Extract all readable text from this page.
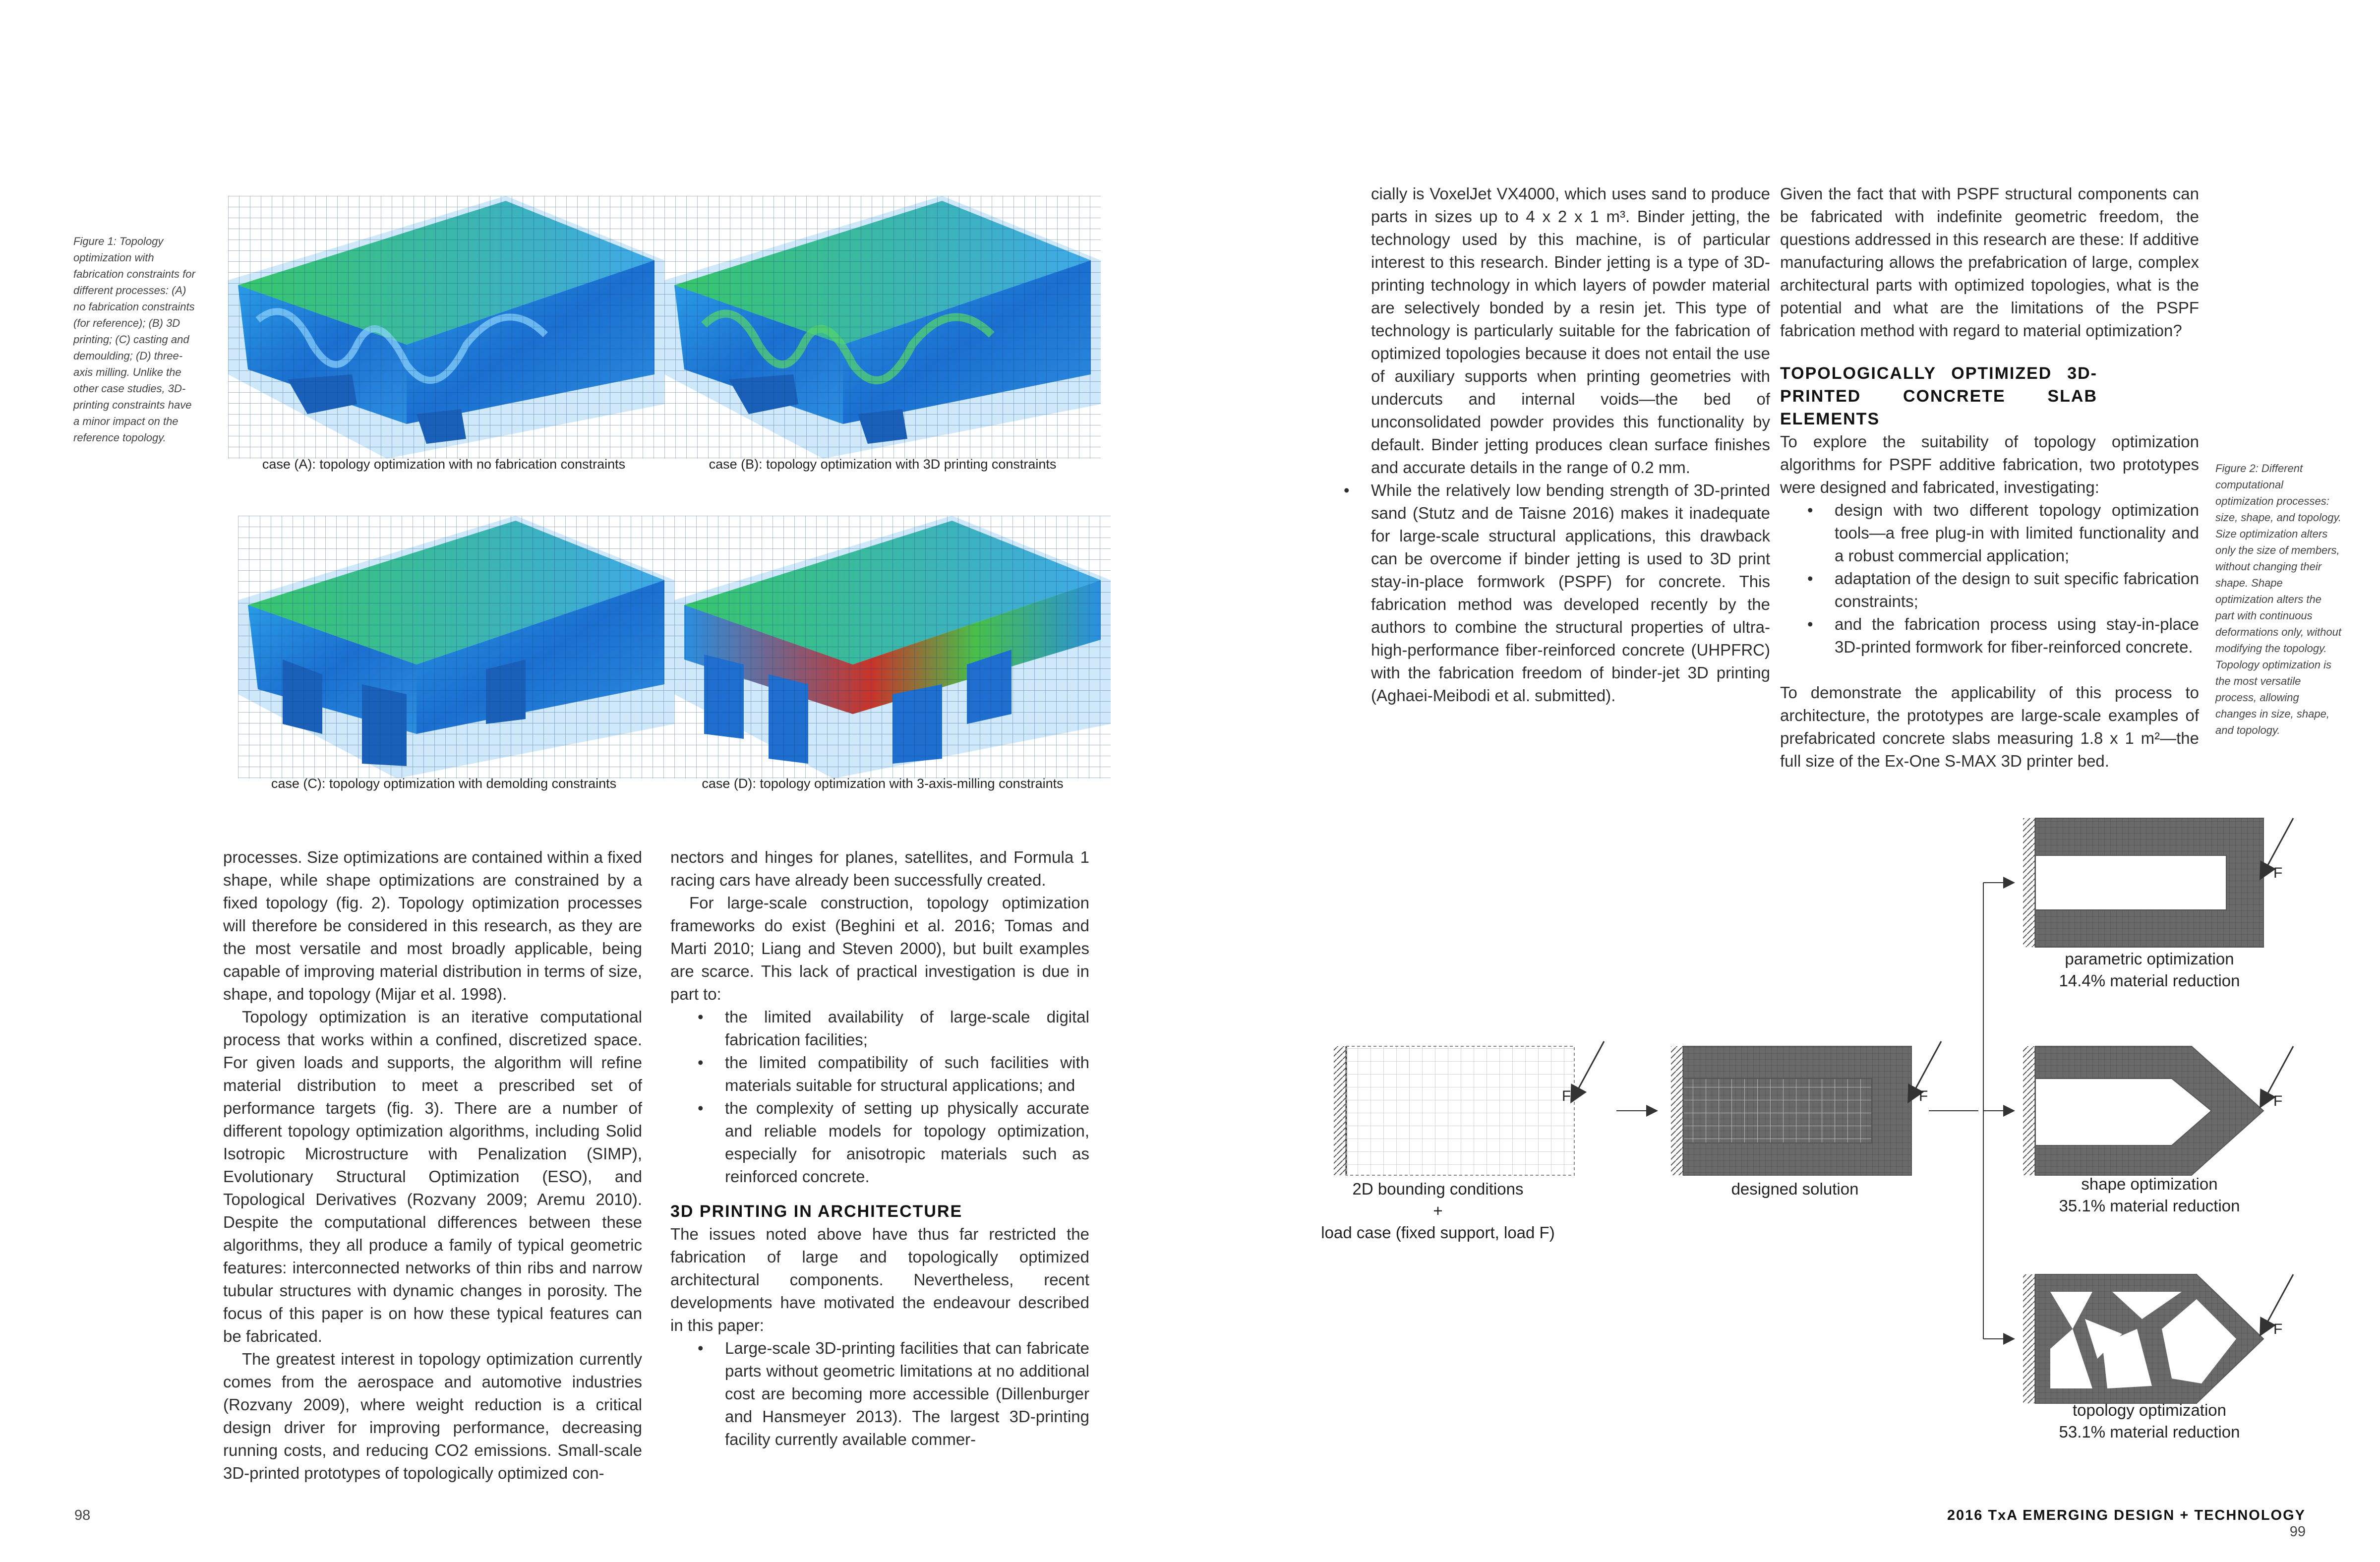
Figure 1: Topology optimization with fabrication constraints for different processes: (A) no fabrication constraints (for reference); (B) 3D printing; (C) casting and demoulding; (D) three-axis milling. Unlike the other case studies, 3D-printing constraints have a minor impact on the reference topology.
case (A): topology optimization with no fabrication constraints	case (B): topology optimization with 3D printing constraints
case (C): topology optimization with demolding constraints	case (D): topology optimization with 3-axis-milling constraints

processes. Size optimizations are contained within a fixed shape, while shape optimizations are constrained by a fixed topology (fig. 2). Topology optimization processes will therefore be considered in this research, as they are the most versatile and most broadly applicable, being capable of improving material distribution in terms of size, shape, and topology (Mijar et al. 1998).

Topology optimization is an iterative computational process that works within a confined, discretized space. For given loads and supports, the algorithm will refine material distribution to meet a prescribed set of performance targets (fig. 3). There are a number of different topology optimization algorithms, including Solid Isotropic Microstructure with Penalization (SIMP), Evolutionary Structural Optimization (ESO), and Topological Derivatives (Rozvany 2009; Aremu 2010). Despite the computational differences between these algorithms, they all produce a family of typical geometric features: interconnected networks of thin ribs and narrow tubular structures with dynamic changes in porosity. The focus of this paper is on how these typical features can be fabricated.

The greatest interest in topology optimization currently comes from the aerospace and automotive industries (Rozvany 2009), where weight reduction is a critical design driver for improving performance, decreasing running costs, and reducing CO2 emissions. Small-scale 3D-printed prototypes of topologically optimized con-

nectors and hinges for planes, satellites, and Formula 1 racing cars have already been successfully created.

For large-scale construction, topology optimization frameworks do exist (Beghini et al. 2016; Tomas and Marti 2010; Liang and Steven 2000), but built examples are scarce. This lack of practical investigation is due in part to:

• the limited availability of large-scale digital fabrication facilities;
• the limited compatibility of such facilities with materials suitable for structural applications; and
• the complexity of setting up physically accurate and reliable models for topology optimization, especially for anisotropic materials such as reinforced concrete.

3D PRINTING IN ARCHITECTURE

The issues noted above have thus far restricted the fabrication of large and topologically optimized architectural components. Nevertheless, recent developments have motivated the endeavour described in this paper:

• Large-scale 3D-printing facilities that can fabricate parts without geometric limitations at no additional cost are becoming more accessible (Dillenburger and Hansmeyer 2013). The largest 3D-printing facility currently available commer-
98

cially is VoxelJet VX4000, which uses sand to produce parts in sizes up to 4 x 2 x 1 m³. Binder jetting, the technology used by this machine, is of particular interest to this research. Binder jetting is a type of 3D-printing technology in which layers of powder material are selectively bonded by a resin jet. This type of technology is particularly suitable for the fabrication of optimized topologies because it does not entail the use of auxiliary supports when printing geometries with undercuts and internal voids—the bed of unconsolidated powder provides this functionality by default. Binder jetting produces clean surface finishes and accurate details in the range of 0.2 mm.

• While the relatively low bending strength of 3D-printed sand (Stutz and de Taisne 2016) makes it inadequate for large-scale structural applications, this drawback can be overcome if binder jetting is used to 3D print stay-in-place formwork (PSPF) for concrete. This fabrication method was developed recently by the authors to combine the structural properties of ultra-high-performance fiber-reinforced concrete (UHPFRC) with the fabrication freedom of binder-jet 3D printing (Aghaei-Meibodi et al. submitted).

Given the fact that with PSPF structural components can be fabricated with indefinite geometric freedom, the questions addressed in this research are these: If additive manufacturing allows the prefabrication of large, complex architectural parts with optimized topologies, what is the potential and what are the limitations of the PSPF fabrication method with regard to material optimization?

TOPOLOGICALLY OPTIMIZED 3D-PRINTED CONCRETE SLAB ELEMENTS

To explore the suitability of topology optimization algorithms for PSPF additive fabrication, two prototypes were designed and fabricated, investigating:

• design with two different topology optimization tools—a free plug-in with limited functionality and a robust commercial application;
• adaptation of the design to suit specific fabrication constraints;
• and the fabrication process using stay-in-place 3D-printed formwork for fiber-reinforced concrete.

To demonstrate the applicability of this process to architecture, the prototypes are large-scale examples of prefabricated concrete slabs measuring 1.8 x 1 m²—the full size of the Ex-One S-MAX 3D printer bed.

Figure 2: Different computational optimization processes: size, shape, and topology. Size optimization alters only the size of members, without changing their shape. Shape optimization alters the part with continuous deformations only, without modifying the topology. Topology optimization is the most versatile process, allowing changes in size, shape, and topology.
F	F
F
F
F
2D bounding conditions
+
load case (fixed support, load F)
designed solution
parametric optimization
14.4% material reduction
shape optimization
35.1% material reduction
topology optimization
53.1% material reduction
2016 TxA EMERGING DESIGN + TECHNOLOGY 99
